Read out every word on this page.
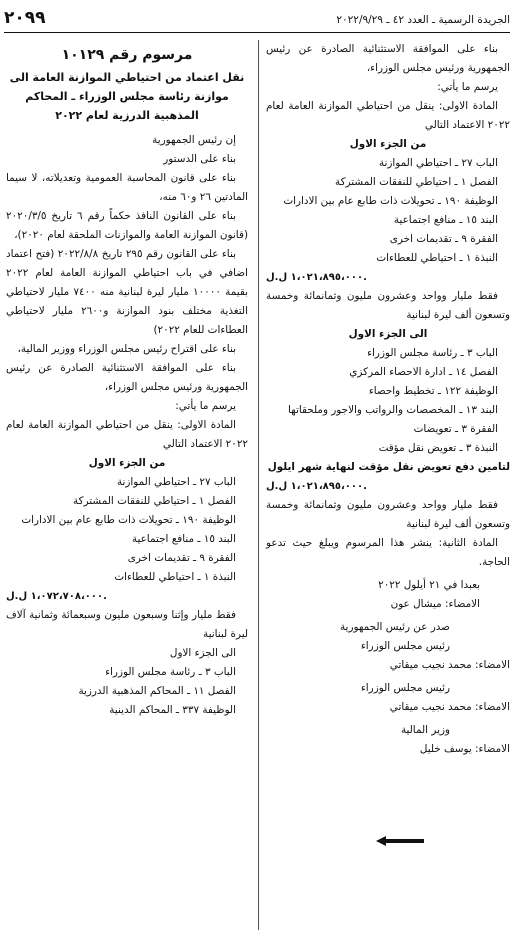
الجريدة الرسمية ـ العدد ٤٢ ـ ٢٠٢٢/٩/٢٩
٢٠٩٩

بناء على الموافقة الاستثنائية الصادرة عن رئيس الجمهورية ورئيس مجلس الوزراء،

يرسم ما يأتي:

المادة الاولى: ينقل من احتياطي الموازنة العامة لعام ٢٠٢٢ الاعتماد التالي

من الجزء الاول

الباب ٢٧ ـ احتياطي الموازنة

الفصل ١ ـ احتياطي للنفقات المشتركة

الوظيفة ١٩٠ ـ تحويلات ذات طابع عام بين الادارات

البند ١٥ ـ منافع اجتماعية

الفقرة ٩ ـ تقديمات اخرى

النبذة ١ ـ احتياطي للعطاءات

١،٠٢١،٨٩٥،٠٠٠ ل.ل.

فقط مليار وواحد وعشرون مليون وثمانمائة وخمسة وتسعون ألف ليرة لبنانية

الى الجزء الاول

الباب ٣ ـ رئاسة مجلس الوزراء

الفصل ١٤ ـ ادارة الاحصاء المركزي

الوظيفة ١٢٢ ـ تخطيط واحصاء

البند ١٣ ـ المخصصات والرواتب والاجور وملحقاتها

الفقرة ٣ ـ تعويضات

النبذة ٣ ـ تعويض نقل مؤقت

لتامين دفع تعويض نقل مؤقت لنهاية شهر ايلول

١،٠٢١،٨٩٥،٠٠٠ ل.ل.

فقط مليار وواحد وعشرون مليون وثمانمائة وخمسة وتسعون ألف ليرة لبنانية

المادة الثانية: ينشر هذا المرسوم ويبلغ حيث تدعو الحاجة.

بعبدا في ٢١ أيلول ٢٠٢٢

الامضاء: ميشال عون

صدر عن رئيس الجمهورية

رئيس مجلس الوزراء

الامضاء: محمد نجيب ميقاتي

رئيس مجلس الوزراء

الامضاء: محمد نجيب ميقاتي

وزير المالية

الامضاء: يوسف خليل

مرسوم رقم ١٠١٢٩
نقل اعتماد من احتياطي الموازنة العامة الى موازنة رئاسة مجلس الوزراء ـ المحاكم المذهبية الدرزية لعام ٢٠٢٢

إن رئيس الجمهورية

بناء على الدستور

بناء على قانون المحاسبة العمومية وتعديلاته، لا سيما المادتين ٢٦ و٦٠ منه،

بناء على القانون النافذ حكماً رقم ٦ تاريخ ٢٠٢٠/٣/٥ (قانون الموازنة العامة والموازنات الملحقة لعام ٢٠٢٠)،

بناء على القانون رقم ٢٩٥ تاريخ ٢٠٢٢/٨/٨ (فتح اعتماد اضافي في باب احتياطي الموازنة العامة لعام ٢٠٢٢ بقيمة ١٠٠٠٠ مليار ليرة لبنانية منه ٧٤٠٠ مليار لاحتياطي التغذية مختلف بنود الموازنة و٢٦٠٠ مليار لاحتياطي العطاءات للعام ٢٠٢٢)

بناء على اقتراح رئيس مجلس الوزراء ووزير المالية،

بناء على الموافقة الاستثنائية الصادرة عن رئيس الجمهورية ورئيس مجلس الوزراء،

يرسم ما يأتي:

المادة الاولى: ينقل من احتياطي الموازنة العامة لعام ٢٠٢٢ الاعتماد التالي

من الجزء الاول

الباب ٢٧ ـ احتياطي الموازنة

الفصل ١ ـ احتياطي للنفقات المشتركة

الوظيفة ١٩٠ ـ تحويلات ذات طابع عام بين الادارات

البند ١٥ ـ منافع اجتماعية

الفقرة ٩ ـ تقديمات اخرى

النبذة ١ ـ احتياطي للعطاءات

١،٠٧٢،٧٠٨،٠٠٠ ل.ل.

فقط مليار وإثنا وسبعون مليون وسبعمائة وثمانية آلاف ليرة لبنانية

الى الجزء الاول

الباب ٣ ـ رئاسة مجلس الوزراء

الفصل ١١ ـ المحاكم المذهبية الدرزية

الوظيفة ٣٣٧ ـ المحاكم الدينية
